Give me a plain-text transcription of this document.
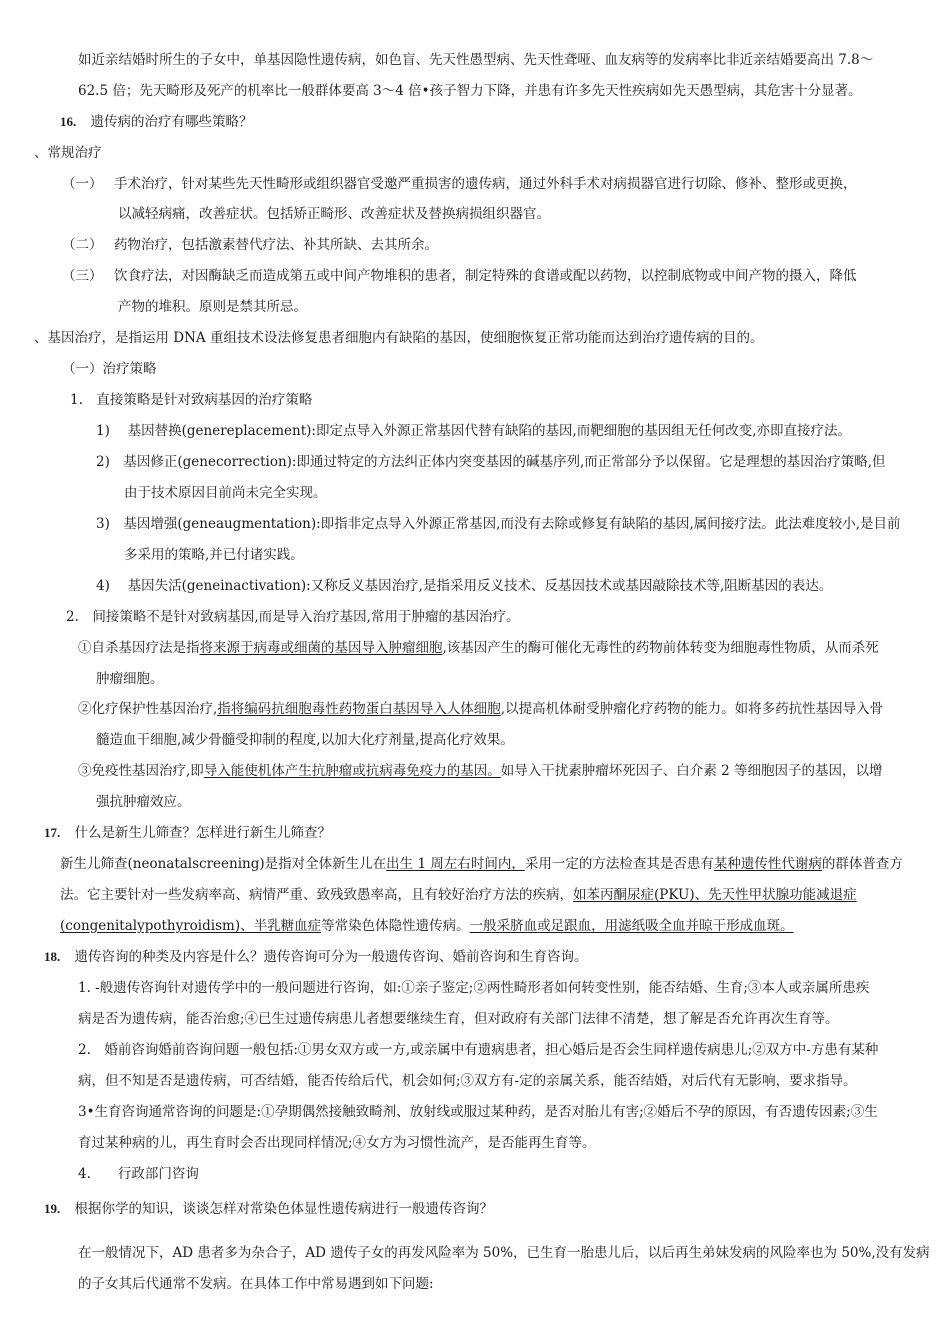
如近亲结婚时所生的子女中，单基因隐性遗传病，如色盲、先天性愚型病、先天性聋哑、血友病等的发病率比非近亲结婚要高出 7.8〜
62.5 倍；先天畸形及死产的机率比一般群体要高 3〜4 倍•孩子智力下降，并患有许多先天性疾病如先天愚型病，其危害十分显著。
16. 遗传病的治疗有哪些策略？
、常规治疗
（一） 手术治疗，针对某些先天性畸形或组织器官受邀严重损害的遗传病，通过外科手术对病损器官进行切除、修补、整形或更换，
以减轻病痛，改善症状。包括矫正畸形、改善症状及替换病损组织器官。
（二） 药物治疗，包括激素替代疗法、补其所缺、去其所余。
（三） 饮食疗法，对因酶缺乏而造成第五或中间产物堆积的患者，制定特殊的食谱或配以药物，以控制底物或中间产物的摄入，降低
产物的堆积。原则是禁其所忌。
、基因治疗，是指运用 DNA 重组技术设法修复患者细胞内有缺陷的基因，使细胞恢复正常功能而达到治疗遗传病的目的。
（一）治疗策略
1.　直接策略是针对致病基因的治疗策略
1)　 基因替换(genereplacement):即定点导入外源正常基因代替有缺陷的基因,而靶细胞的基因组无任何改变,亦即直接疗法。
2)　基因修正(genecorrection):即通过特定的方法纠正体内突变基因的碱基序列,而正常部分予以保留。它是理想的基因治疗策略,但
由于技术原因目前尚未完全实现。
3)　基因增强(geneaugmentation):即指非定点导入外源正常基因,而没有去除或修复有缺陷的基因,属间接疗法。此法难度较小,是目前
多采用的策略,并已付诸实践。
4)　 基因失活(geneinactivation):又称反义基因治疗,是指采用反义技术、反基因技术或基因敲除技术等,阻断基因的表达。
2.　间接策略不是针对致病基因,而是导入治疗基因,常用于肿瘤的基因治疗。
①自杀基因疗法是指将来源于病毒或细菌的基因导入肿瘤细胞,该基因产生的酶可催化无毒性的药物前体转变为细胞毒性物质，从而杀死
肿瘤细胞。
②化疗保护性基因治疗,指将编码抗细胞毒性药物蛋白基因导入人体细胞,以提高机体耐受肿瘤化疗药物的能力。如将多药抗性基因导入骨
髓造血干细胞,减少骨髓受抑制的程度,以加大化疗剂量,提高化疗效果。
③免疫性基因治疗,即导入能使机体产生抗肿瘤或抗病毒免疫力的基因。如导入干扰素肿瘤坏死因子、白介素 2 等细胞因子的基因，以增
强抗肿瘤效应。
17. 什么是新生儿筛查？怎样进行新生儿筛查？
新生儿筛查(neonatalscreening)是指对全体新生儿在出生 1 周左右时间内，采用一定的方法检查其是否患有某种遗传性代谢病的群体普查方
法。它主要针对一些发病率高、病情严重、致残致愚率高，且有较好治疗方法的疾病，如苯丙酮尿症(PKU)、先天性甲状腺功能减退症
(congenitalypothyroidism)、半乳糖血症等常染色体隐性遗传病。一般采脐血或足跟血，用滤纸吸全血并晾干形成血斑。
18. 遗传咨询的种类及内容是什么？遗传咨询可分为一般遗传咨询、婚前咨询和生育咨询。
1. -般遗传咨询针对遗传学中的一般问题进行咨询，如:①亲子鉴定;②两性畸形者如何转变性别，能否结婚、生育;③本人或亲属所患疾
病是否为遗传病，能否治愈;④已生过遗传病患儿者想要继续生育，但对政府有关部门法律不清楚，想了解是否允许再次生育等。
2.　婚前咨询婚前咨询问题一般包括:①男女双方或一方,或亲属中有遗病患者，担心婚后是否会生同样遗传病患儿;②双方中-方患有某种
病，但不知是否是遗传病，可否结婚，能否传给后代，机会如何;③双方有-定的亲属关系，能否结婚，对后代有无影响，要求指导。
3•生育咨询通常咨询的问题是:①孕期偶然接触致畸剂、放射线或服过某种药，是否对胎儿有害;②婚后不孕的原因，有否遗传因素;③生
育过某种病的儿，再生育时会否出现同样情况;④女方为习惯性流产，是否能再生育等。
4.　　行政部门咨询
19. 根据你学的知识，谈谈怎样对常染色体显性遗传病进行一般遗传咨询？
在一般情况下，AD 患者多为杂合子，AD 遗传子女的再发风险率为 50%，已生育一胎患儿后，以后再生弟妹发病的风险率也为 50%,没有发病
的子女其后代通常不发病。在具体工作中常易遇到如下问题:
